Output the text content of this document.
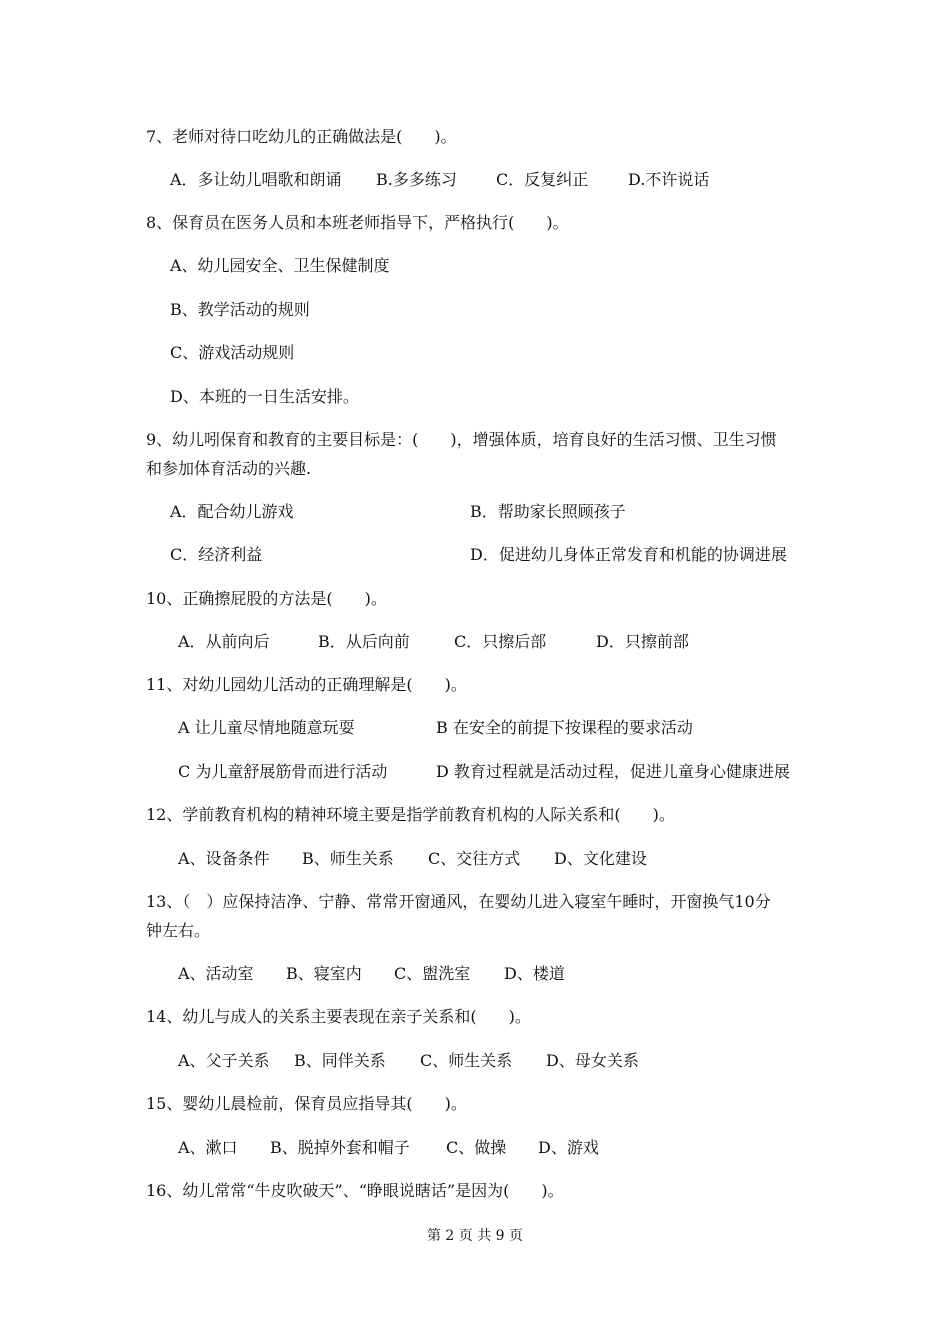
7、老师对待口吃幼儿的正确做法是(　　)。
A．多让幼儿唱歌和朗诵 B.多多练习 C．反复纠正 D.不许说话
8、保育员在医务人员和本班老师指导下，严格执行(　　)。
A、幼儿园安全、卫生保健制度
B、教学活动的规则
C、游戏活动规则
D、本班的一日生活安排。
9、幼儿吲保育和教育的主要目标是：(　　)，增强体质，培育良好的生活习惯、卫生习惯
和参加体育活动的兴趣.
A．配合幼儿游戏	B．帮助家长照顾孩子
C．经济利益	D．促进幼儿身体正常发育和机能的协调进展
10、正确擦屁股的方法是(　　)。
A．从前向后	B．从后向前	C．只擦后部	D．只擦前部
11、对幼儿园幼儿活动的正确理解是(　　)。
A 让儿童尽情地随意玩耍	B 在安全的前提下按课程的要求活动
C 为儿童舒展筋骨而进行活动	D 教育过程就是活动过程，促进儿童身心健康进展
12、学前教育机构的精神环境主要是指学前教育机构的人际关系和(　　)。
A、设备条件 B、师生关系 C、交往方式 D、文化建设
13、（　）应保持洁净、宁静、常常开窗通风，在婴幼儿进入寝室午睡时，开窗换气10分
钟左右。
A、活动室 B、寝室内 C、盥洗室 D、楼道
14、幼儿与成人的关系主要表现在亲子关系和(　　)。
A、父子关系 B、同伴关系 C、师生关系 D、母女关系
15、婴幼儿晨检前，保育员应指导其(　　)。
A、漱口 B、脱掉外套和帽子 C、做操 D、游戏
16、幼儿常常“牛皮吹破天”、“睁眼说瞎话”是因为(　　)。
第 2 页 共 9 页
